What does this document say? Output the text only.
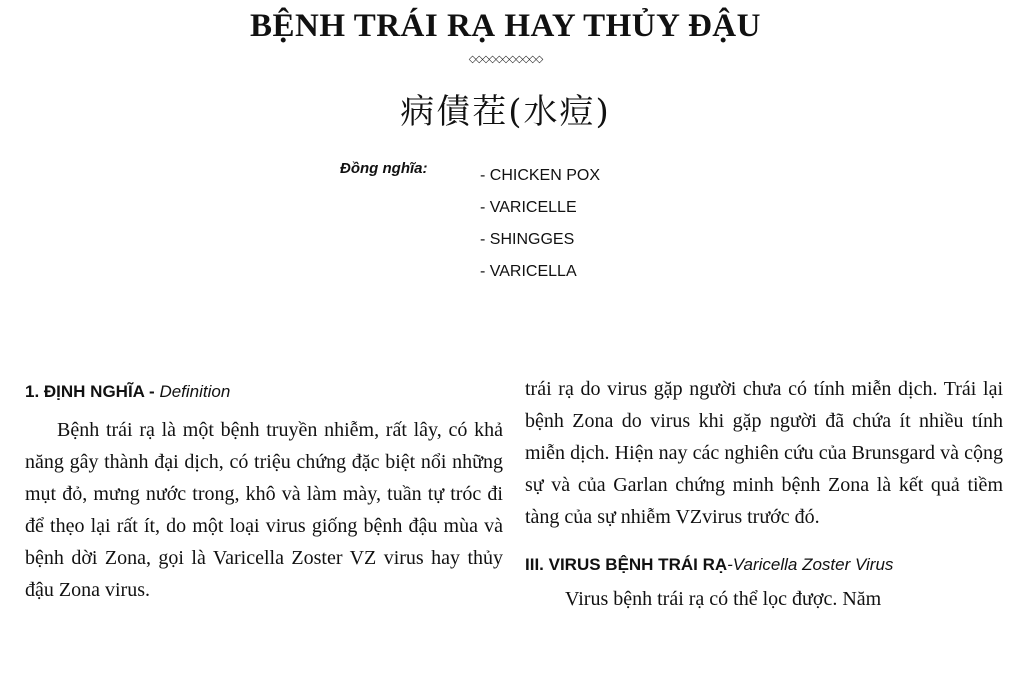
BỆNH TRÁI RẠ HAY THỦY ĐẬU
◇◇◇◇◇◇◇◇◇◇◇
病債茬(水痘)
Đồng nghĩa:	- CHICKEN POX
- VARICELLE
- SHINGGES
- VARICELLA
1. ĐỊNH NGHĨA - Definition

Bệnh trái rạ là một bệnh truyền nhiễm, rất lây, có khả năng gây thành đại dịch, có triệu chứng đặc biệt nổi những mụt đỏ, mưng nước trong, khô và làm mày, tuần tự tróc đi để thẹo lại rất ít, do một loại virus giống bệnh đậu mùa và bệnh dời Zona, gọi là Varicella Zoster VZ virus hay thủy đậu Zona virus.

trái rạ do virus gặp người chưa có tính miễn dịch. Trái lại bệnh Zona do virus khi gặp người đã chứa ít nhiều tính miễn dịch. Hiện nay các nghiên cứu của Brunsgard và cộng sự và của Garlan chứng minh bệnh Zona là kết quả tiềm tàng của sự nhiễm VZvirus trước đó.

III. VIRUS BỆNH TRÁI RẠ-Varicella Zoster Virus

Virus bệnh trái rạ có thể lọc được. Năm
